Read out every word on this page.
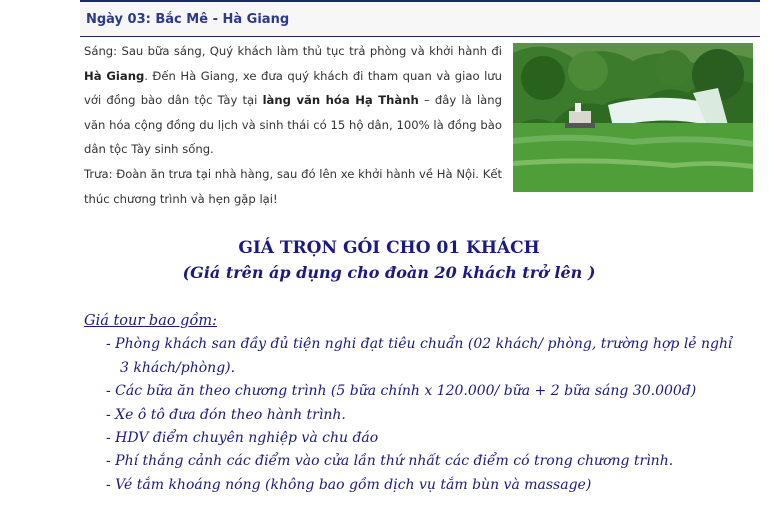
Ngày 03: Bắc Mê - Hà Giang

Sáng: Sau bữa sáng, Quý khách làm thủ tục trả phòng và khởi hành đi Hà Giang. Đến Hà Giang, xe đưa quý khách đi tham quan và giao lưu với đồng bào dân tộc Tày tại làng văn hóa Hạ Thành – đây là làng văn hóa cộng đồng du lịch và sinh thái có 15 hộ dân, 100% là đồng bào dân tộc Tày sinh sống.

Trưa: Đoàn ăn trưa tại nhà hàng, sau đó lên xe khởi hành về Hà Nội. Kết thúc chương trình và hẹn gặp lại!

GIÁ TRỌN GÓI CHO 01 KHÁCH
(Giá trên áp dụng cho đoàn 20 khách trở lên )

Giá tour bao gồm:

- Phòng khách san đầy đủ tiện nghi đạt tiêu chuẩn (02 khách/ phòng, trường hợp lẻ nghỉ 3 khách/phòng).
- Các bữa ăn theo chương trình (5 bữa chính x 120.000/ bữa + 2 bữa sáng 30.000đ)
- Xe ô tô đưa đón theo hành trình.
- HDV điểm chuyên nghiệp và chu đáo
- Phí thắng cảnh các điểm vào cửa lần thứ nhất các điểm có trong chương trình.
- Vé tắm khoáng nóng (không bao gồm dịch vụ tắm bùn và massage)
